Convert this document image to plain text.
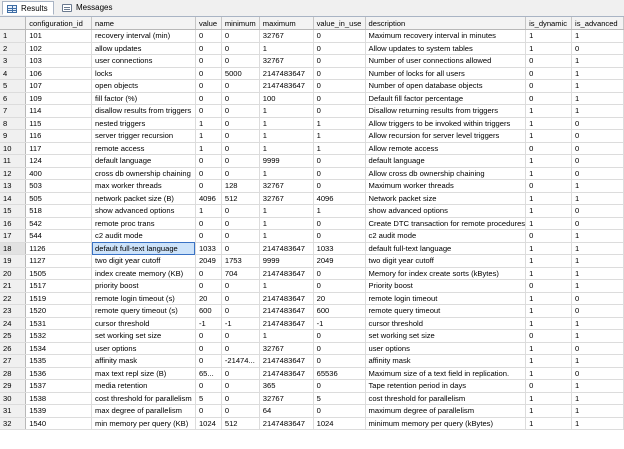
Results	Messages
	configuration_id	name	value	minimum	maximum	value_in_use	description	is_dynamic	is_advanced
1	101	recovery interval (min)	0	0	32767	0	Maximum recovery interval in minutes	1	1
2	102	allow updates	0	0	1	0	Allow updates to system tables	1	0
3	103	user connections	0	0	32767	0	Number of user connections allowed	0	1
4	106	locks	0	5000	2147483647	0	Number of locks for all users	0	1
5	107	open objects	0	0	2147483647	0	Number of open database objects	0	1
6	109	fill factor (%)	0	0	100	0	Default fill factor percentage	0	1
7	114	disallow results from triggers	0	0	1	0	Disallow returning results from triggers	1	1
8	115	nested triggers	1	0	1	1	Allow triggers to be invoked within triggers	1	0
9	116	server trigger recursion	1	0	1	1	Allow recursion for server level triggers	1	0
10	117	remote access	1	0	1	1	Allow remote access	0	0
11	124	default language	0	0	9999	0	default language	1	0
12	400	cross db ownership chaining	0	0	1	0	Allow cross db ownership chaining	1	0
13	503	max worker threads	0	128	32767	0	Maximum worker threads	0	1
14	505	network packet size (B)	4096	512	32767	4096	Network packet size	1	1
15	518	show advanced options	1	0	1	1	show advanced options	1	0
16	542	remote proc trans	0	0	1	0	Create DTC transaction for remote procedures	1	0
17	544	c2 audit mode	0	0	1	0	c2 audit mode	0	1
18	1126	default full-text language	1033	0	2147483647	1033	default full-text language	1	1
19	1127	two digit year cutoff	2049	1753	9999	2049	two digit year cutoff	1	1
20	1505	index create memory (KB)	0	704	2147483647	0	Memory for index create sorts (kBytes)	1	1
21	1517	priority boost	0	0	1	0	Priority boost	0	1
22	1519	remote login timeout (s)	20	0	2147483647	20	remote login timeout	1	0
23	1520	remote query timeout (s)	600	0	2147483647	600	remote query timeout	1	0
24	1531	cursor threshold	-1	-1	2147483647	-1	cursor threshold	1	1
25	1532	set working set size	0	0	1	0	set working set size	0	1
26	1534	user options	0	0	32767	0	user options	1	0
27	1535	affinity mask	0	-21474...	2147483647	0	affinity mask	1	1
28	1536	max text repl size (B)	65...	0	2147483647	65536	Maximum size of a text field in replication.	1	0
29	1537	media retention	0	0	365	0	Tape retention period in days	0	1
30	1538	cost threshold for parallelism	5	0	32767	5	cost threshold for parallelism	1	1
31	1539	max degree of parallelism	0	0	64	0	maximum degree of parallelism	1	1
32	1540	min memory per query (KB)	1024	512	2147483647	1024	minimum memory per query (kBytes)	1	1
